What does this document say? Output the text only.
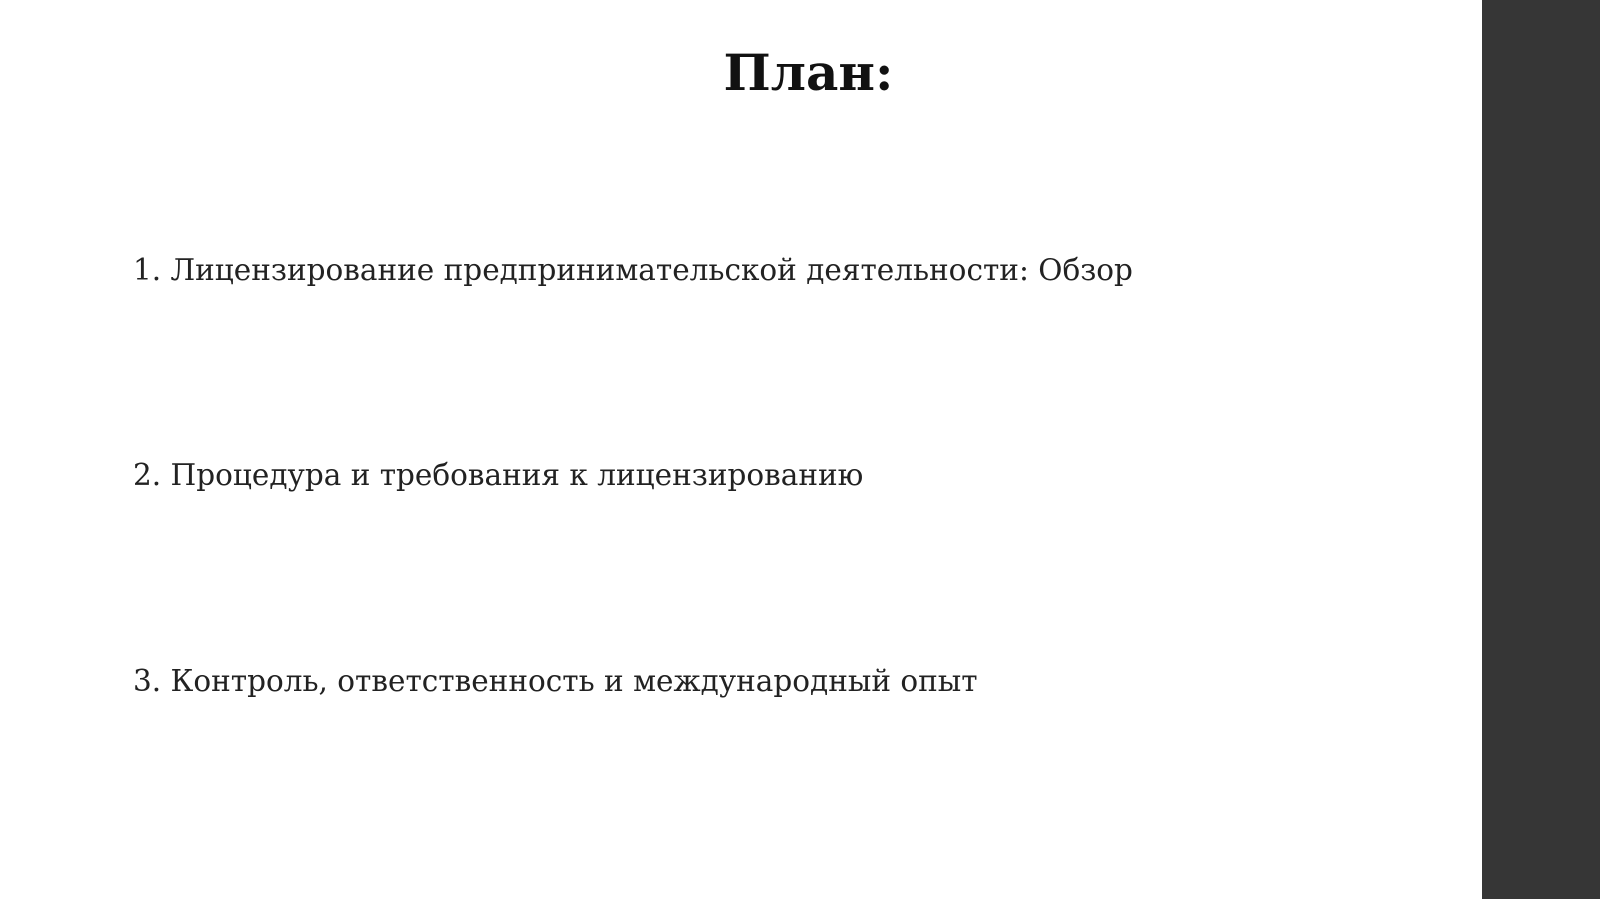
План:
1. Лицензирование предпринимательской деятельности: Обзор
2. Процедура и требования к лицензированию
3. Контроль, ответственность и международный опыт
